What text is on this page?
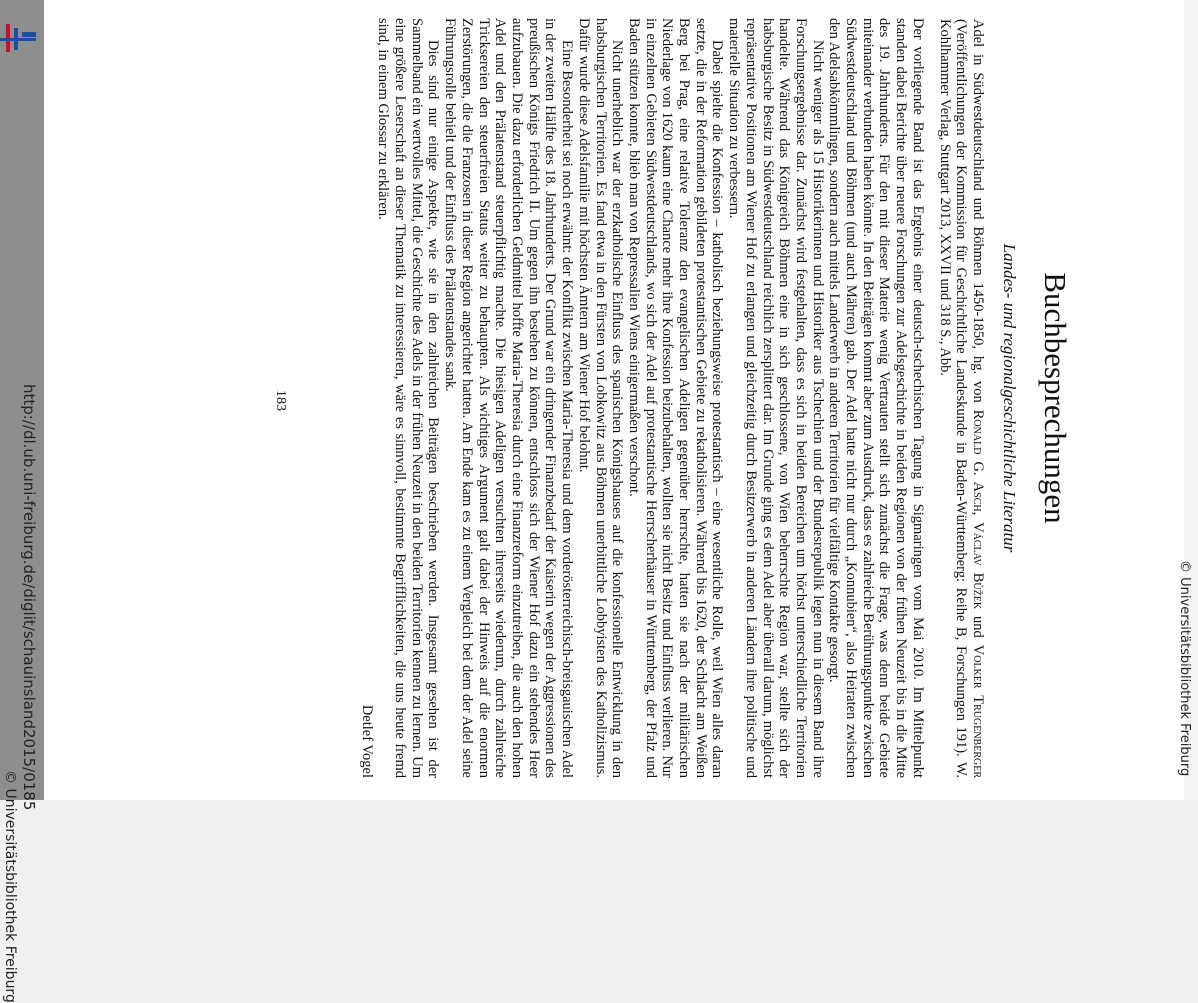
http://dl.ub.uni-freiburg.de/diglit/schauinsland2015/0185
© Universitätsbibliothek Freiburg
© Universitätsbibliothek Freiburg
Buchbesprechungen
Landes- und regionalgeschichtliche Literatur

Adel in Südwestdeutschland und Böhmen 1450-1850, hg. von Ronald G. Asch, Václav Bůžek und Volker Trugenberger (Veröffentlichungen der Kommission für Geschichtliche Landeskunde in Baden-Württemberg: Reihe B, Forschungen 191). W. Kohlhammer Verlag, Stuttgart 2013, XXVII und 318 S., Abb.

Der vorliegende Band ist das Ergebnis einer deutsch-tschechischen Tagung in Sigmaringen vom Mai 2010. Im Mittelpunkt standen dabei Berichte über neuere Forschungen zur Adelsgeschichte in beiden Regionen von der frühen Neuzeit bis in die Mitte des 19. Jahrhunderts. Für den mit dieser Materie wenig Vertrauten stellt sich zunächst die Frage, was denn beide Gebiete miteinander verbunden haben könnte. In den Beiträgen kommt aber zum Ausdruck, dass es zahlreiche Berührungspunkte zwischen Südwestdeutschland und Böhmen (und auch Mähren) gab. Der Adel hatte nicht nur durch „Konnubien“, also Heiraten zwischen den Adelsabkömmlingen, sondern auch mittels Landerwerb in anderen Territorien für vielfältige Kontakte gesorgt.

Nicht weniger als 15 Historikerinnen und Historiker aus Tschechien und der Bundesrepublik legen nun in diesem Band ihre Forschungsergebnisse dar. Zunächst wird festgehalten, dass es sich in beiden Bereichen um höchst unterschiedliche Territorien handelte. Während das Königreich Böhmen eine in sich geschlossene, von Wien beherrschte Region war, stellte sich der habsburgische Besitz in Südwestdeutschland reichlich zersplittert dar. Im Grunde ging es dem Adel aber überall darum, möglichst repräsentative Positionen am Wiener Hof zu erlangen und gleichzeitig durch Besitzerwerb in anderen Ländern ihre politische und materielle Situation zu verbessern.

Dabei spielte die Konfession – katholisch beziehungsweise protestantisch – eine wesentliche Rolle, weil Wien alles daran setzte, die in der Reformation gebildeten protestantischen Gebiete zu rekatholisieren. Während bis 1620, der Schlacht am Weißen Berg bei Prag, eine relative Toleranz den evangelischen Adeligen gegenüber herrschte, hatten sie nach der militärischen Niederlage von 1620 kaum eine Chance mehr ihre Konfession beizubehalten, wollten sie nicht Besitz und Einfluss verlieren. Nur in einzelnen Gebieten Südwestdeutschlands, wo sich der Adel auf protestantische Herrscherhäuser in Württemberg, der Pfalz und Baden stützen konnte, blieb man von Repressalien Wiens einigermaßen verschont.

Nicht unerheblich war der erzkatholische Einfluss des spanischen Königshauses auf die konfessionelle Entwicklung in den habsburgischen Territorien. Es fand etwa in den Fürsten von Lobkowitz aus Böhmen unerbittliche Lobbyisten des Katholizismus. Dafür wurde diese Adelsfamilie mit höchsten Ämtern am Wiener Hof belohnt.

Eine Besonderheit sei noch erwähnt: der Konflikt zwischen Maria-Theresia und dem vorderösterreichisch-breisgauischen Adel in der zweiten Hälfte des 18. Jahrhunderts. Der Grund war ein dringender Finanzbedarf der Kaiserin wegen der Aggressionen des preußischen Königs Friedrich II. Um gegen ihn bestehen zu können, entschloss sich der Wiener Hof dazu ein stehendes Heer aufzubauen. Die dazu erforderlichen Geldmittel hoffte Maria-Theresia durch eine Finanzreform einzutreiben, die auch den hohen Adel und den Prälatenstand steuerpflichtig machte. Die hiesigen Adeligen versuchten ihrerseits wiederum, durch zahlreiche Tricksereien den steuerfreien Status weiter zu behaupten. Als wichtiges Argument galt dabei der Hinweis auf die enormen Zerstörungen, die die Franzosen in dieser Region angerichtet hatten. Am Ende kam es zu einem Vergleich bei dem der Adel seine Führungsrolle behielt und der Einfluss des Prälatenstandes sank.

Dies sind nur einige Aspekte, wie sie in den zahlreichen Beiträgen beschrieben werden. Insgesamt gesehen ist der Sammelband ein wertvolles Mittel, die Geschichte des Adels in der frühen Neuzeit in den beiden Territorien kennen zu lernen. Um eine größere Leserschaft an dieser Thematik zu interessieren, wäre es sinnvoll, bestimmte Begrifflichkeiten, die uns heute fremd sind, in einem Glossar zu erklären.

Detlef Vogel

183
